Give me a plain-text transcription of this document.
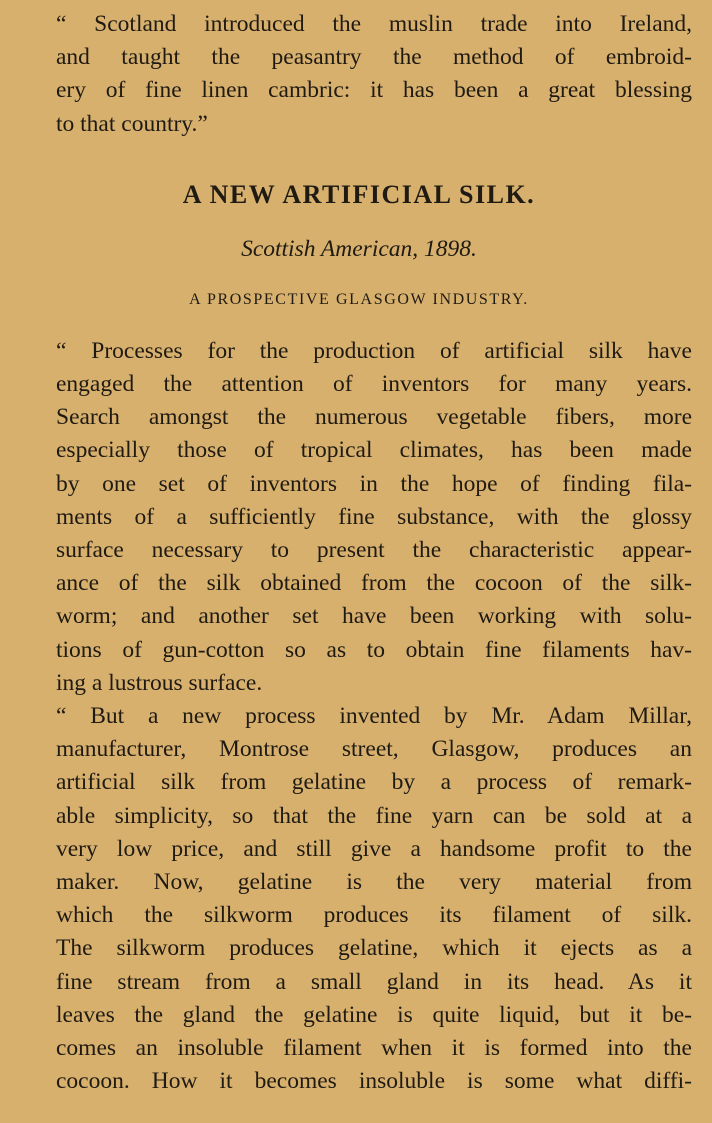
“ Scotland introduced the muslin trade into Ireland,
and taught the peasantry the method of embroid-
ery of fine linen cambric: it has been a great blessing
to that country.”

A NEW ARTIFICIAL SILK.
Scottish American, 1898.
A PROSPECTIVE GLASGOW INDUSTRY.

“ Processes for the production of artificial silk have
engaged the attention of inventors for many years.
Search amongst the numerous vegetable fibers, more
especially those of tropical climates, has been made
by one set of inventors in the hope of finding fila-
ments of a sufficiently fine substance, with the glossy
surface necessary to present the characteristic appear-
ance of the silk obtained from the cocoon of the silk-
worm; and another set have been working with solu-
tions of gun-cotton so as to obtain fine filaments hav-
ing a lustrous surface.

“ But a new process invented by Mr. Adam Millar,
manufacturer, Montrose street, Glasgow, produces an
artificial silk from gelatine by a process of remark-
able simplicity, so that the fine yarn can be sold at a
very low price, and still give a handsome profit to the
maker. Now, gelatine is the very material from
which the silkworm produces its filament of silk.
The silkworm produces gelatine, which it ejects as a
fine stream from a small gland in its head. As it
leaves the gland the gelatine is quite liquid, but it be-
comes an insoluble filament when it is formed into the
cocoon. How it becomes insoluble is some what diffi-
